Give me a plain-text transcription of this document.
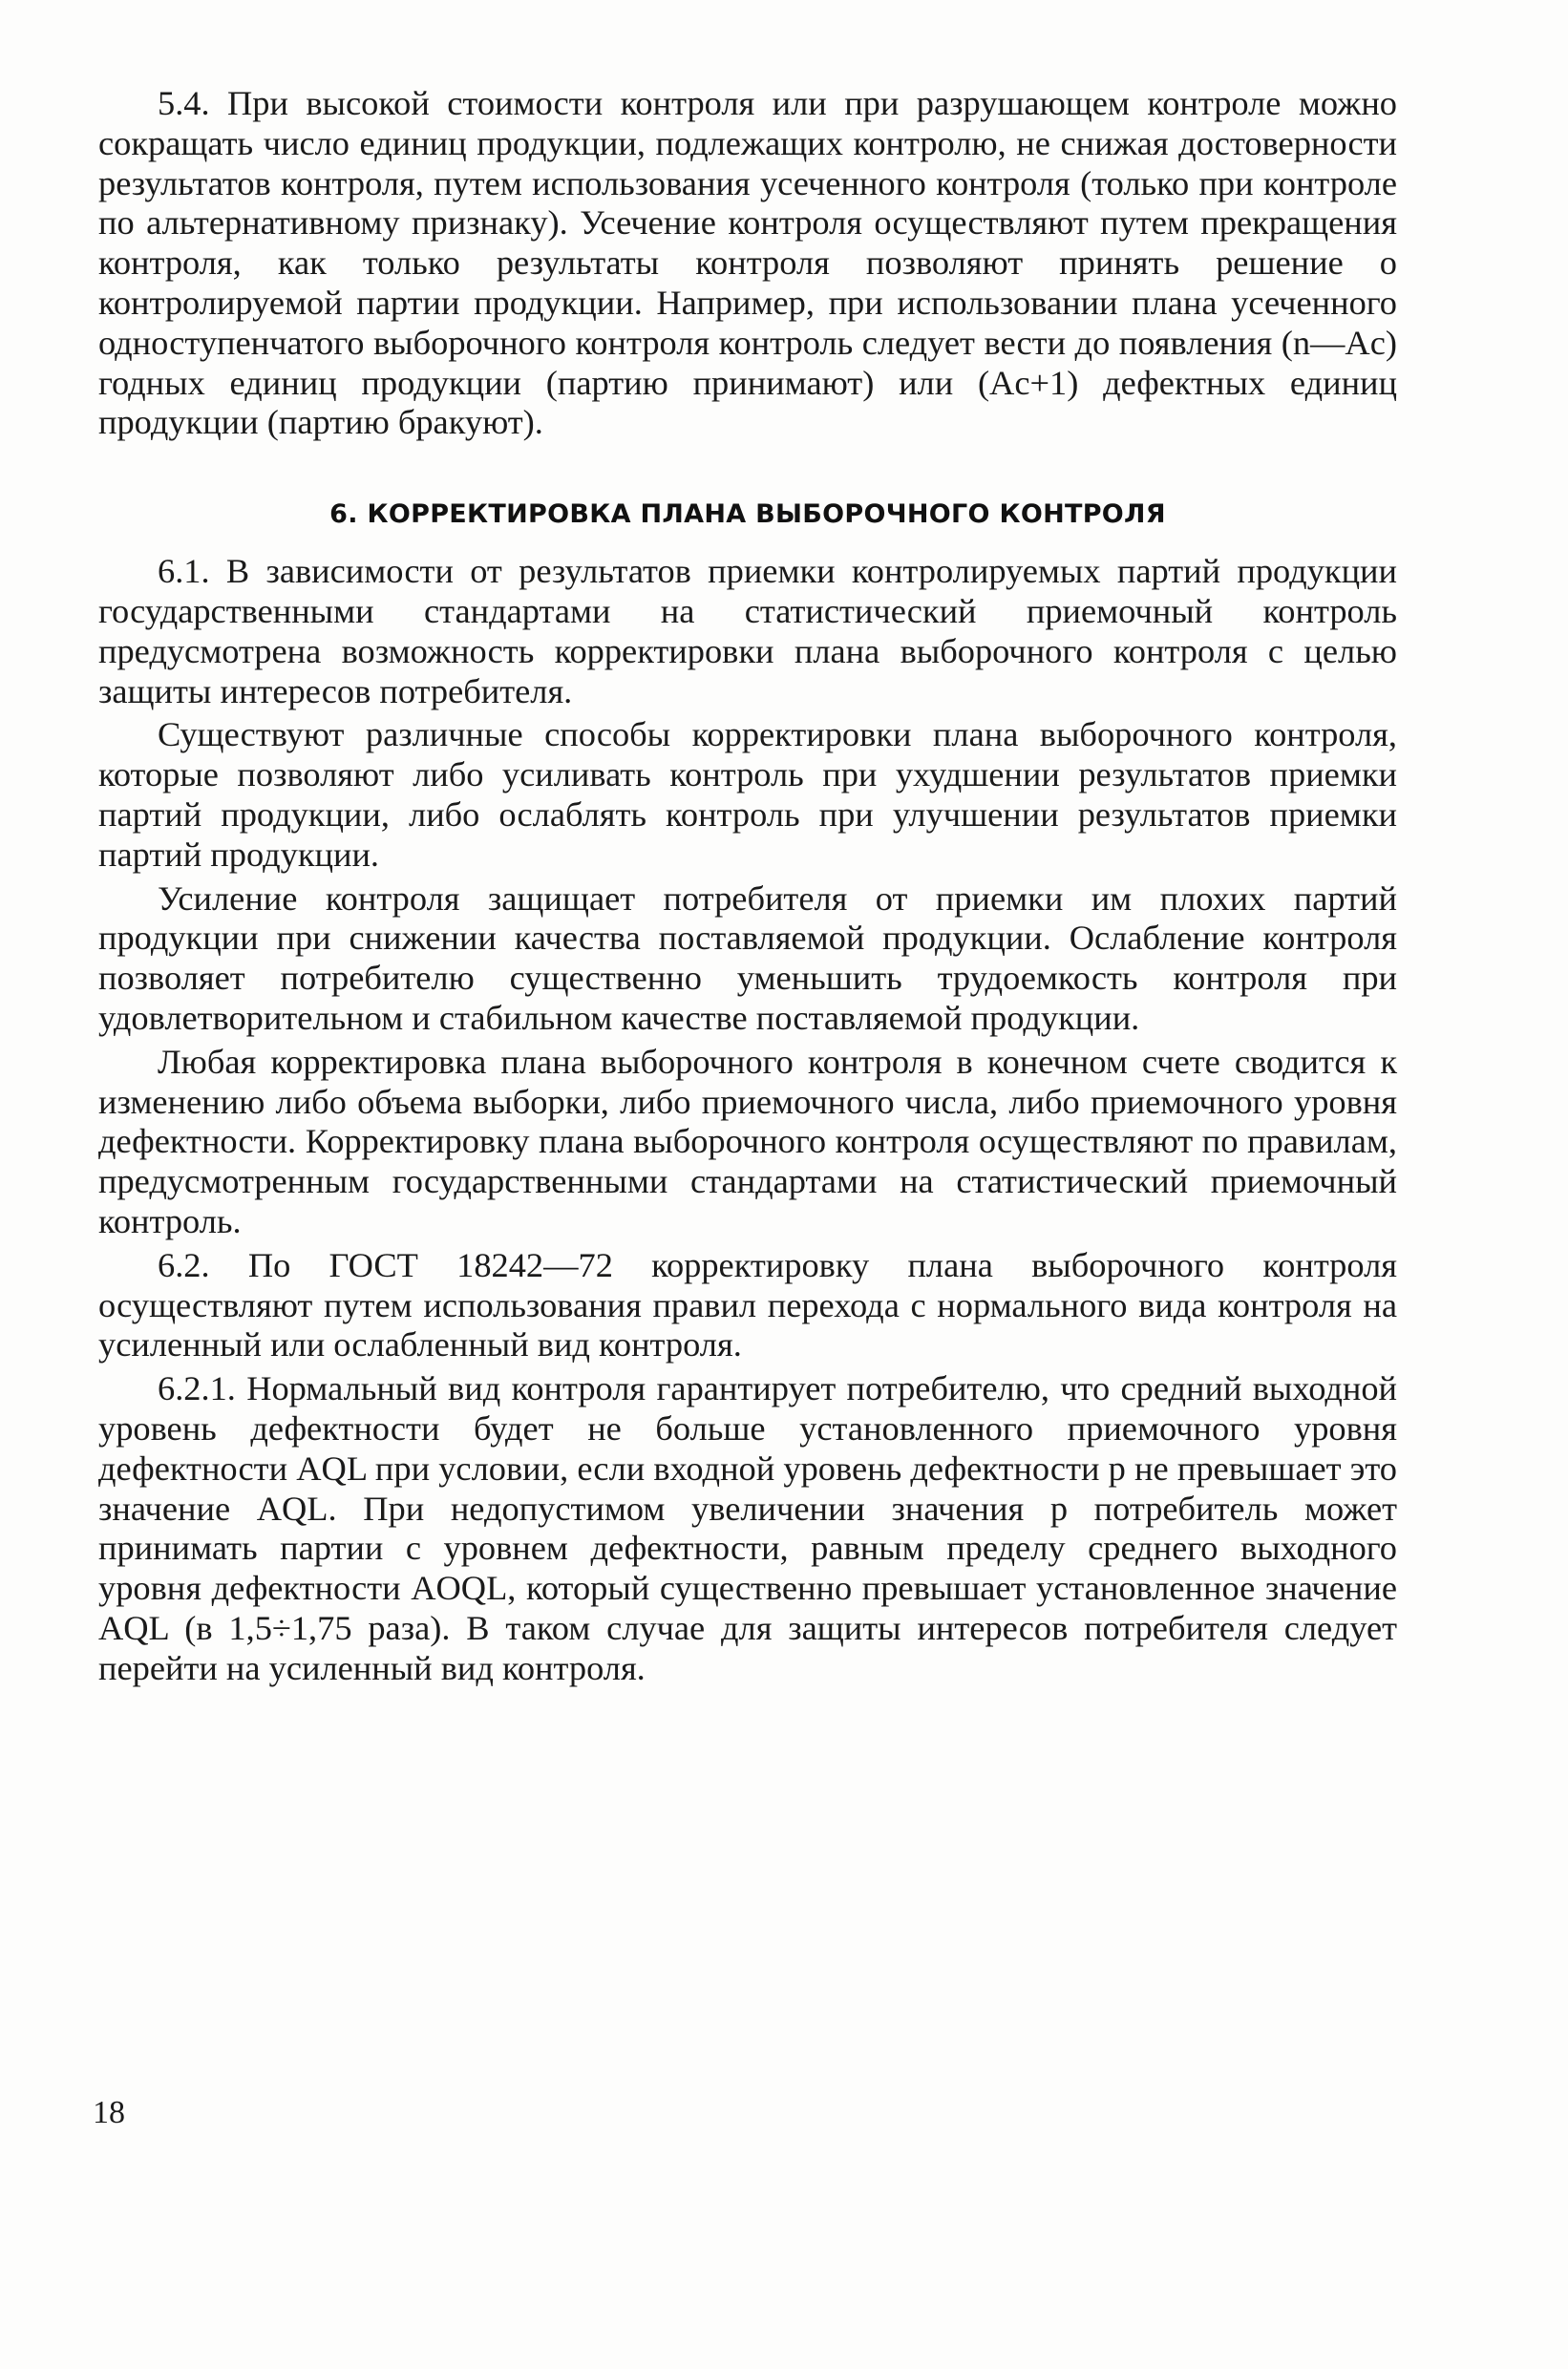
5.4. При высокой стоимости контроля или при разрушающем контроле можно сокращать число единиц продукции, подлежащих контролю, не снижая достоверности результатов контроля, путем использования усеченного контроля (только при контроле по альтернативному признаку). Усечение контроля осуществляют путем прекращения контроля, как только результаты контроля позволяют принять решение о контролируемой партии продукции. Например, при использовании плана усеченного одноступенчатого выборочного контроля контроль следует вести до появления (n—Ac) годных единиц продукции (партию принимают) или (Ac+1) дефектных единиц продукции (партию бракуют).

6. КОРРЕКТИРОВКА ПЛАНА ВЫБОРОЧНОГО КОНТРОЛЯ

6.1. В зависимости от результатов приемки контролируемых партий продукции государственными стандартами на статистический приемочный контроль предусмотрена возможность корректировки плана выборочного контроля с целью защиты интересов потребителя.

Существуют различные способы корректировки плана выборочного контроля, которые позволяют либо усиливать контроль при ухудшении результатов приемки партий продукции, либо ослаблять контроль при улучшении результатов приемки партий продукции.

Усиление контроля защищает потребителя от приемки им плохих партий продукции при снижении качества поставляемой продукции. Ослабление контроля позволяет потребителю существенно уменьшить трудоемкость контроля при удовлетворительном и стабильном качестве поставляемой продукции.

Любая корректировка плана выборочного контроля в конечном счете сводится к изменению либо объема выборки, либо приемочного числа, либо приемочного уровня дефектности. Корректировку плана выборочного контроля осуществляют по правилам, предусмотренным государственными стандартами на статистический приемочный контроль.

6.2. По ГОСТ 18242—72 корректировку плана выборочного контроля осуществляют путем использования правил перехода с нормального вида контроля на усиленный или ослабленный вид контроля.

6.2.1. Нормальный вид контроля гарантирует потребителю, что средний выходной уровень дефектности будет не больше установленного приемочного уровня дефектности AQL при условии, если входной уровень дефектности p не превышает это значение AQL. При недопустимом увеличении значения p потребитель может принимать партии с уровнем дефектности, равным пределу среднего выходного уровня дефектности AOQL, который существенно превышает установленное значение AQL (в 1,5÷1,75 раза). В таком случае для защиты интересов потребителя следует перейти на усиленный вид контроля.

18
